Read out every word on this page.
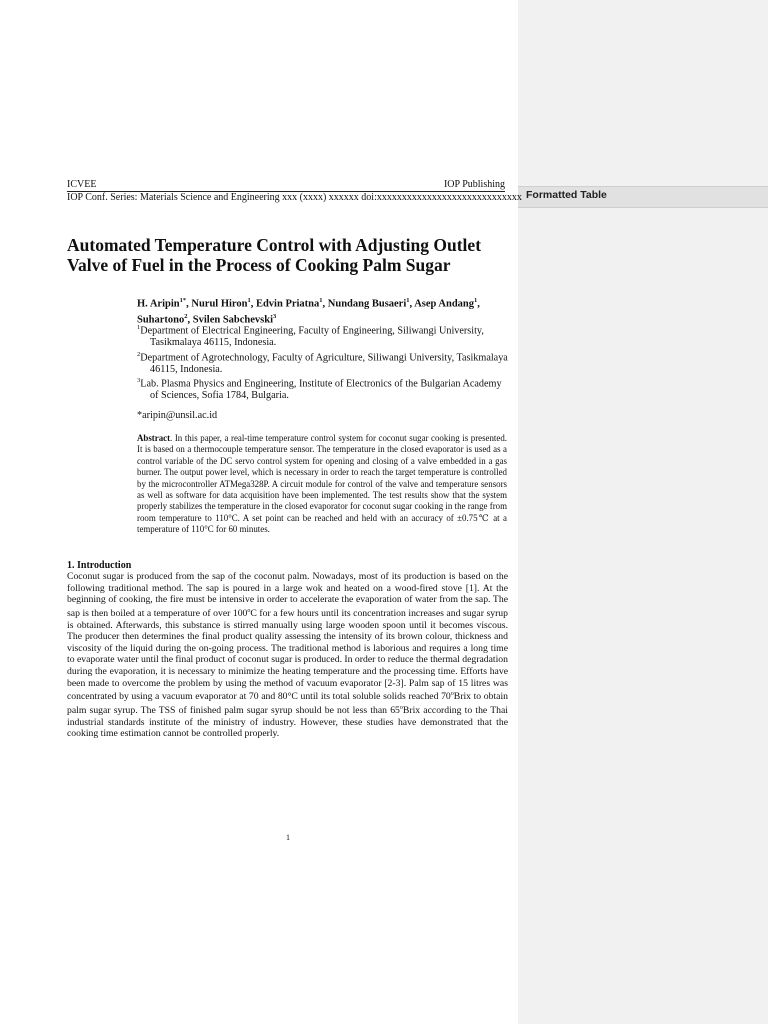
Formatted Table
ICVEE	IOP Publishing
IOP Conf. Series: Materials Science and Engineering xxx (xxxx) xxxxxx doi:xxxxxxxxxxxxxxxxxxxxxxxxxxxxx
Automated Temperature Control with Adjusting Outlet Valve of Fuel in the Process of Cooking Palm Sugar
H. Aripin$^{1*}$, Nurul Hiron$^1$, Edvin Priatna$^1$, Nundang Busaeri$^1$, Asep Andang$^1$, Suhartono$^2$, Svilen Sabchevski$^3$

$^1$Department of Electrical Engineering, Faculty of Engineering, Siliwangi University, Tasikmalaya 46115, Indonesia.

$^2$Department of Agrotechnology, Faculty of Agriculture, Siliwangi University, Tasikmalaya 46115, Indonesia.

$^3$Lab. Plasma Physics and Engineering, Institute of Electronics of the Bulgarian Academy of Sciences, Sofia 1784, Bulgaria.

*aripin@unsil.ac.id

Abstract. In this paper, a real-time temperature control system for coconut sugar cooking is presented. It is based on a thermocouple temperature sensor. The temperature in the closed evaporator is used as a control variable of the DC servo control system for opening and closing of a valve embedded in a gas burner. The output power level, which is necessary in order to reach the target temperature is controlled by the microcontroller ATMega328P. A circuit module for control of the valve and temperature sensors as well as software for data acquisition have been implemented. The test results show that the system properly stabilizes the temperature in the closed evaporator for coconut sugar cooking in the range from room temperature to 110°C. A set point can be reached and held with an accuracy of ±0.75℃ at a temperature of 110°C for 60 minutes.

1. Introduction

Coconut sugar is produced from the sap of the coconut palm. Nowadays, most of its production is based on the following traditional method. The sap is poured in a large wok and heated on a wood-fired stove [1]. At the beginning of cooking, the fire must be intensive in order to accelerate the evaporation of water from the sap. The sap is then boiled at a temperature of over 100$^o$C for a few hours until its concentration increases and sugar syrup is obtained. Afterwards, this substance is stirred manually using large wooden spoon until it becomes viscous. The producer then determines the final product quality assessing the intensity of its brown colour, thickness and viscosity of the liquid during the on-going process. The traditional method is laborious and requires a long time to evaporate water until the final product of coconut sugar is produced. In order to reduce the thermal degradation during the evaporation, it is necessary to minimize the heating temperature and the processing time. Efforts have been made to overcome the problem by using the method of vacuum evaporator [2-3]. Palm sap of 15 litres was concentrated by using a vacuum evaporator at 70 and 80°C until its total soluble solids reached 70$^o$Brix to obtain palm sugar syrup. The TSS of finished palm sugar syrup should be not less than 65$^o$Brix according to the Thai industrial standards institute of the ministry of industry. However, these studies have demonstrated that the cooking time estimation cannot be controlled properly.

1
